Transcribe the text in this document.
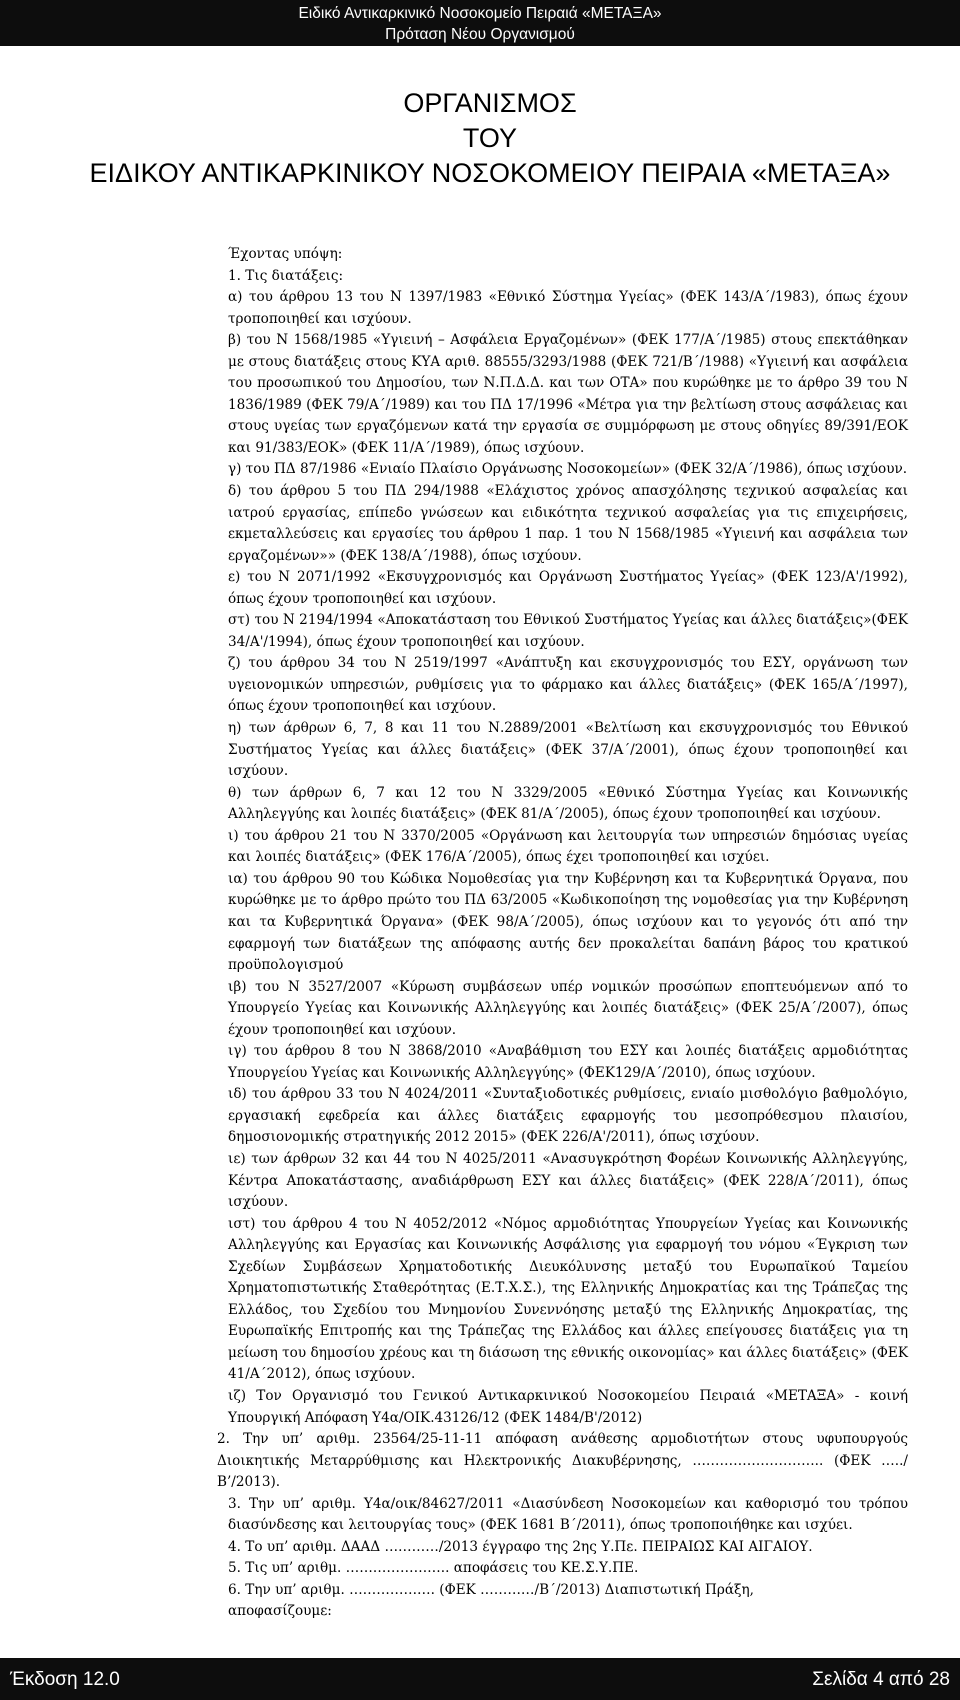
Ειδικό Αντικαρκινικό Νοσοκομείο Πειραιά «ΜΕΤΑΞΑ»
Πρόταση Νέου Οργανισμού
ΟΡΓΑΝΙΣΜΟΣ
ΤΟΥ
ΕΙΔΙΚΟΥ ΑΝΤΙΚΑΡΚΙΝΙΚΟΥ ΝΟΣΟΚΟΜΕΙΟΥ ΠΕΙΡΑΙΑ «ΜΕΤΑΞΑ»

Έχοντας υπόψη:

1. Τις διατάξεις:

α) του άρθρου 13 του Ν 1397/1983 «Εθνικό Σύστημα Υγείας» (ΦΕΚ 143/Α΄/1983), όπως έχουν τροποποιηθεί και ισχύουν.

β) του Ν 1568/1985 «Υγιεινή – Ασφάλεια Εργαζομένων» (ΦΕΚ 177/Α΄/1985) στους επεκτάθηκαν με στους διατάξεις στους ΚΥΑ αριθ. 88555/3293/1988 (ΦΕΚ 721/Β΄/1988) «Υγιεινή και ασφάλεια του προσωπικού του Δημοσίου, των Ν.Π.Δ.Δ. και των ΟΤΑ» που κυρώθηκε με το άρθρο 39 του Ν 1836/1989 (ΦΕΚ 79/Α΄/1989) και του ΠΔ 17/1996 «Μέτρα για την βελτίωση στους ασφάλειας και στους υγείας των εργαζόμενων κατά την εργασία σε συμμόρφωση με στους οδηγίες 89/391/ΕΟΚ και 91/383/ΕΟΚ» (ΦΕΚ 11/Α΄/1989), όπως ισχύουν.

γ) του ΠΔ 87/1986 «Ενιαίο Πλαίσιο Οργάνωσης Νοσοκομείων» (ΦΕΚ 32/Α΄/1986), όπως ισχύουν.

δ) του άρθρου 5 του ΠΔ 294/1988 «Ελάχιστος χρόνος απασχόλησης τεχνικού ασφαλείας και ιατρού εργασίας, επίπεδο γνώσεων και ειδικότητα τεχνικού ασφαλείας για τις επιχειρήσεις, εκμεταλλεύσεις και εργασίες του άρθρου 1 παρ. 1 του Ν 1568/1985 «Υγιεινή και ασφάλεια των εργαζομένων»» (ΦΕΚ 138/Α΄/1988), όπως ισχύουν.

ε) του Ν 2071/1992 «Εκσυγχρονισμός και Οργάνωση Συστήματος Υγείας» (ΦΕΚ 123/Α'/1992), όπως έχουν τροποποιηθεί και ισχύουν.

στ) του Ν 2194/1994 «Αποκατάσταση του Εθνικού Συστήματος Υγείας και άλλες διατάξεις»(ΦΕΚ 34/Α'/1994), όπως έχουν τροποποιηθεί και ισχύουν.

ζ) του άρθρου 34 του Ν 2519/1997 «Ανάπτυξη και εκσυγχρονισμός του ΕΣΥ, οργάνωση των υγειονομικών υπηρεσιών, ρυθμίσεις για το φάρμακο και άλλες διατάξεις» (ΦΕΚ 165/Α΄/1997), όπως έχουν τροποποιηθεί και ισχύουν.

η) των άρθρων 6, 7, 8 και 11 του Ν.2889/2001 «Βελτίωση και εκσυγχρονισμός του Εθνικού Συστήματος Υγείας και άλλες διατάξεις» (ΦΕΚ 37/Α΄/2001), όπως έχουν τροποποιηθεί και ισχύουν.

θ) των άρθρων 6, 7 και 12 του Ν 3329/2005 «Εθνικό Σύστημα Υγείας και Κοινωνικής Αλληλεγγύης και λοιπές διατάξεις» (ΦΕΚ 81/Α΄/2005), όπως έχουν τροποποιηθεί και ισχύουν.

ι) του άρθρου 21 του Ν 3370/2005 «Οργάνωση και λειτουργία των υπηρεσιών δημόσιας υγείας και λοιπές διατάξεις» (ΦΕΚ 176/Α΄/2005), όπως έχει τροποποιηθεί και ισχύει.

ια) του άρθρου 90 του Κώδικα Νομοθεσίας για την Κυβέρνηση και τα Κυβερνητικά Όργανα, που κυρώθηκε με το άρθρο πρώτο του ΠΔ 63/2005 «Κωδικοποίηση της νομοθεσίας για την Κυβέρνηση και τα Κυβερνητικά Όργανα» (ΦΕΚ 98/Α΄/2005), όπως ισχύουν και το γεγονός ότι από την εφαρμογή των διατάξεων της απόφασης αυτής δεν προκαλείται δαπάνη βάρος του κρατικού προϋπολογισμού

ιβ) του Ν 3527/2007 «Κύρωση συμβάσεων υπέρ νομικών προσώπων εποπτευόμενων από το Υπουργείο Υγείας και Κοινωνικής Αλληλεγγύης και λοιπές διατάξεις» (ΦΕΚ 25/Α΄/2007), όπως έχουν τροποποιηθεί και ισχύουν.

ιγ) του άρθρου 8 του Ν 3868/2010 «Αναβάθμιση του ΕΣΥ και λοιπές διατάξεις αρμοδιότητας Υπουργείου Υγείας και Κοινωνικής Αλληλεγγύης» (ΦΕΚ129/Α΄/2010), όπως ισχύουν.

ιδ) του άρθρου 33 του Ν 4024/2011 «Συνταξιοδοτικές ρυθμίσεις, ενιαίο μισθολόγιο βαθμολόγιο, εργασιακή εφεδρεία και άλλες διατάξεις εφαρμογής του μεσοπρόθεσμου πλαισίου, δημοσιονομικής στρατηγικής 2012 2015» (ΦΕΚ 226/Α'/2011), όπως ισχύουν.

ιε) των άρθρων 32 και 44 του Ν 4025/2011 «Ανασυγκρότηση Φορέων Κοινωνικής Αλληλεγγύης, Κέντρα Αποκατάστασης, αναδιάρθρωση ΕΣΥ και άλλες διατάξεις» (ΦΕΚ 228/Α΄/2011), όπως ισχύουν.

ιστ) του άρθρου 4 του Ν 4052/2012 «Νόμος αρμοδιότητας Υπουργείων Υγείας και Κοινωνικής Αλληλεγγύης και Εργασίας και Κοινωνικής Ασφάλισης για εφαρμογή του νόμου «Έγκριση των Σχεδίων Συμβάσεων Χρηματοδοτικής Διευκόλυνσης μεταξύ του Ευρωπαϊκού Ταμείου Χρηματοπιστωτικής Σταθερότητας (Ε.Τ.Χ.Σ.), της Ελληνικής Δημοκρατίας και της Τράπεζας της Ελλάδος, του Σχεδίου του Μνημονίου Συνεννόησης μεταξύ της Ελληνικής Δημοκρατίας, της Ευρωπαϊκής Επιτροπής και της Τράπεζας της Ελλάδος και άλλες επείγουσες διατάξεις για τη μείωση του δημοσίου χρέους και τη διάσωση της εθνικής οικονομίας» και άλλες διατάξεις» (ΦΕΚ 41/Α΄2012), όπως ισχύουν.

ιζ) Τον Οργανισμό του Γενικού Αντικαρκινικού Νοσοκομείου Πειραιά «ΜΕΤΑΞΑ» - κοινή Υπουργική Απόφαση Υ4α/ΟΙΚ.43126/12 (ΦΕΚ 1484/Β'/2012)

2. Την υπ’ αριθμ. 23564/25-11-11 απόφαση ανάθεσης αρμοδιοτήτων στους υφυπουργούς Διοικητικής Μεταρρύθμισης και Ηλεκτρονικής Διακυβέρνησης, ……………………….. (ΦΕΚ …../Β’/2013).

3. Την υπ’ αριθμ. Υ4α/οικ/84627/2011 «Διασύνδεση Νοσοκομείων και καθορισμό του τρόπου διασύνδεσης και λειτουργίας τους» (ΦΕΚ 1681 Β΄/2011), όπως τροποποιήθηκε και ισχύει.

4. Το υπ’ αριθμ. ΔΑΑΔ …………/2013 έγγραφο της 2ης Υ.Πε. ΠΕΙΡΑΙΩΣ ΚΑΙ ΑΙΓΑΙΟΥ.

5. Τις υπ’ αριθμ. ………………….. αποφάσεις του ΚΕ.Σ.Υ.ΠΕ.

6. Την υπ’ αριθμ. ………………. (ΦΕΚ …………/Β΄/2013) Διαπιστωτική Πράξη,

αποφασίζουμε:

Έκδοση 12.0	Σελίδα 4 από 28
